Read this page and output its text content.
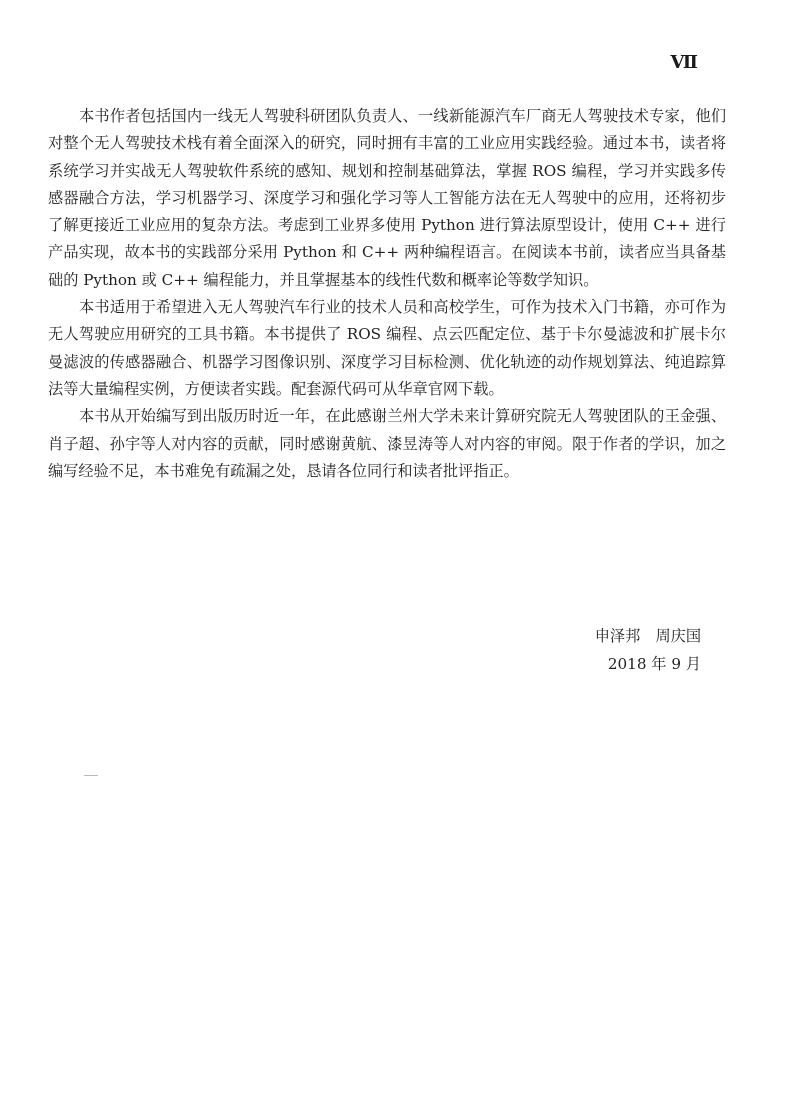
Ⅶ

本书作者包括国内一线无人驾驶科研团队负责人、一线新能源汽车厂商无人驾驶技术专家，他们对整个无人驾驶技术栈有着全面深入的研究，同时拥有丰富的工业应用实践经验。通过本书，读者将系统学习并实战无人驾驶软件系统的感知、规划和控制基础算法，掌握 ROS 编程，学习并实践多传感器融合方法，学习机器学习、深度学习和强化学习等人工智能方法在无人驾驶中的应用，还将初步了解更接近工业应用的复杂方法。考虑到工业界多使用 Python 进行算法原型设计，使用 C++ 进行产品实现，故本书的实践部分采用 Python 和 C++ 两种编程语言。在阅读本书前，读者应当具备基础的 Python 或 C++ 编程能力，并且掌握基本的线性代数和概率论等数学知识。

本书适用于希望进入无人驾驶汽车行业的技术人员和高校学生，可作为技术入门书籍，亦可作为无人驾驶应用研究的工具书籍。本书提供了 ROS 编程、点云匹配定位、基于卡尔曼滤波和扩展卡尔曼滤波的传感器融合、机器学习图像识别、深度学习目标检测、优化轨迹的动作规划算法、纯追踪算法等大量编程实例，方便读者实践。配套源代码可从华章官网下载。

本书从开始编写到出版历时近一年，在此感谢兰州大学未来计算研究院无人驾驶团队的王金强、肖子超、孙宇等人对内容的贡献，同时感谢黄航、漆昱涛等人对内容的审阅。限于作者的学识，加之编写经验不足，本书难免有疏漏之处，恳请各位同行和读者批评指正。

申泽邦　周庆国

2018 年 9 月
